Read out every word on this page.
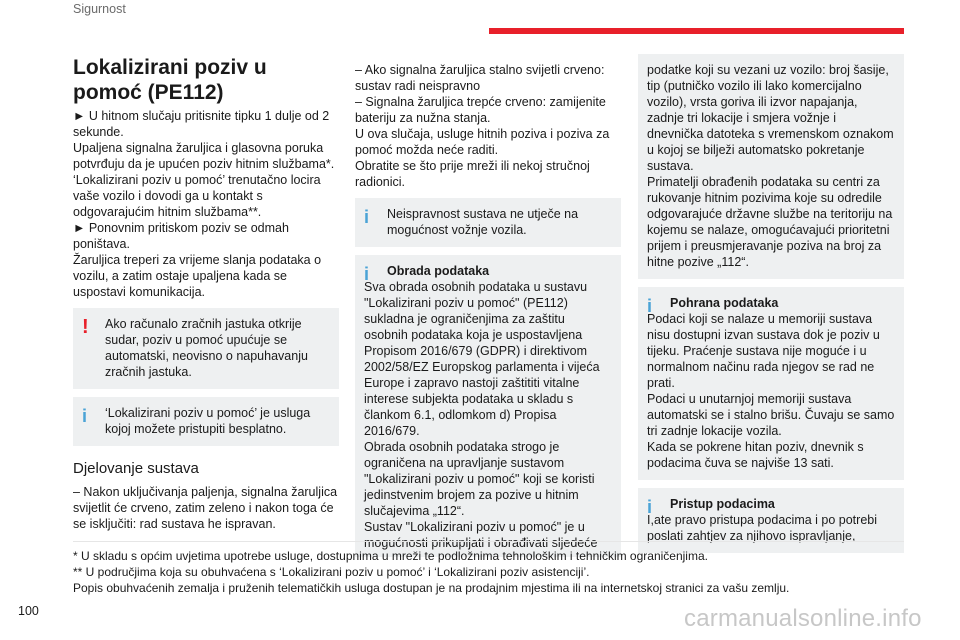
Sigurnost
Lokalizirani poziv u pomoć (PE112)

► U hitnom slučaju pritisnite tipku 1 dulje od 2 sekunde.
Upaljena signalna žaruljica i glasovna poruka potvrđuju da je upućen poziv hitnim službama*.
‘Lokalizirani poziv u pomoć’ trenutačno locira vaše vozilo i dovodi ga u kontakt s odgovarajućim hitnim službama**.
► Ponovnim pritiskom poziv se odmah poništava.
Žaruljica treperi za vrijeme slanja podataka o vozilu, a zatim ostaje upaljena kada se uspostavi komunikacija.

!	Ako računalo zračnih jastuka otkrije sudar, poziv u pomoć upućuje se automatski, neovisno o napuhavanju zračnih jastuka.
i	‘Lokalizirani poziv u pomoć’ je usluga kojoj možete pristupiti besplatno.
Djelovanje sustava

– Nakon uključivanja paljenja, signalna žaruljica svijetlit će crveno, zatim zeleno i nakon toga će se isključiti: rad sustava he ispravan.

– Ako signalna žaruljica stalno svijetli crveno: sustav radi neispravno
– Signalna žaruljica trepće crveno: zamijenite bateriju za nužna stanja.
U ova slučaja, usluge hitnih poziva i poziva za pomoć možda neće raditi.
Obratite se što prije mreži ili nekoj stručnoj radionici.

i	Neispravnost sustava ne utječe na mogućnost vožnje vozila.
i Obrada podataka
Sva obrada osobnih podataka u sustavu "Lokalizirani poziv u pomoć" (PE112) sukladna je ograničenjima za zaštitu osobnih podataka koja je uspostavljena Propisom 2016/679 (GDPR) i direktivom 2002/58/EZ Europskog parlamenta i vijeća Europe i zapravo nastoji zaštititi vitalne interese subjekta podataka u skladu s člankom 6.1, odlomkom d) Propisa 2016/679.
Obrada osobnih podataka strogo je ograničena na upravljanje sustavom "Lokalizirani poziv u pomoć" koji se koristi jedinstvenim brojem za pozive u hitnim slučajevima „112“.
Sustav "Lokalizirani poziv u pomoć" je u mogućnosti prikupljati i obrađivati sljedeće
podatke koji su vezani uz vozilo: broj šasije, tip (putničko vozilo ili lako komercijalno vozilo), vrsta goriva ili izvor napajanja, zadnje tri lokacije i smjera vožnje i dnevnička datoteka s vremenskom oznakom u kojoj se bilježi automatsko pokretanje sustava.
Primatelji obrađenih podataka su centri za rukovanje hitnim pozivima koje su odredile odgovarajuće državne službe na teritoriju na kojemu se nalaze, omogućavajući prioritetni prijem i preusmjeravanje poziva na broj za hitne pozive „112“.
i Pohrana podataka
Podaci koji se nalaze u memoriji sustava nisu dostupni izvan sustava dok je poziv u tijeku. Praćenje sustava nije moguće i u normalnom načinu rada njegov se rad ne prati.
Podaci u unutarnjoj memoriji sustava automatski se i stalno brišu. Čuvaju se samo tri zadnje lokacije vozila.
Kada se pokrene hitan poziv, dnevnik s podacima čuva se najviše 13 sati.
i Pristup podacima
I,ate pravo pristupa podacima i po potrebi poslati zahtjev za njihovo ispravljanje,

* U skladu s općim uvjetima upotrebe usluge, dostupnima u mreži te podložnima tehnološkim i tehničkim ograničenjima.

** U područjima koja su obuhvaćena s ‘Lokalizirani poziv u pomoć’ i ‘Lokalizirani poziv asistenciji’.

Popis obuhvaćenih zemalja i pruženih telematičkih usluga dostupan je na prodajnim mjestima ili na internetskoj stranici za vašu zemlju.

100	carmanualsonline.info
